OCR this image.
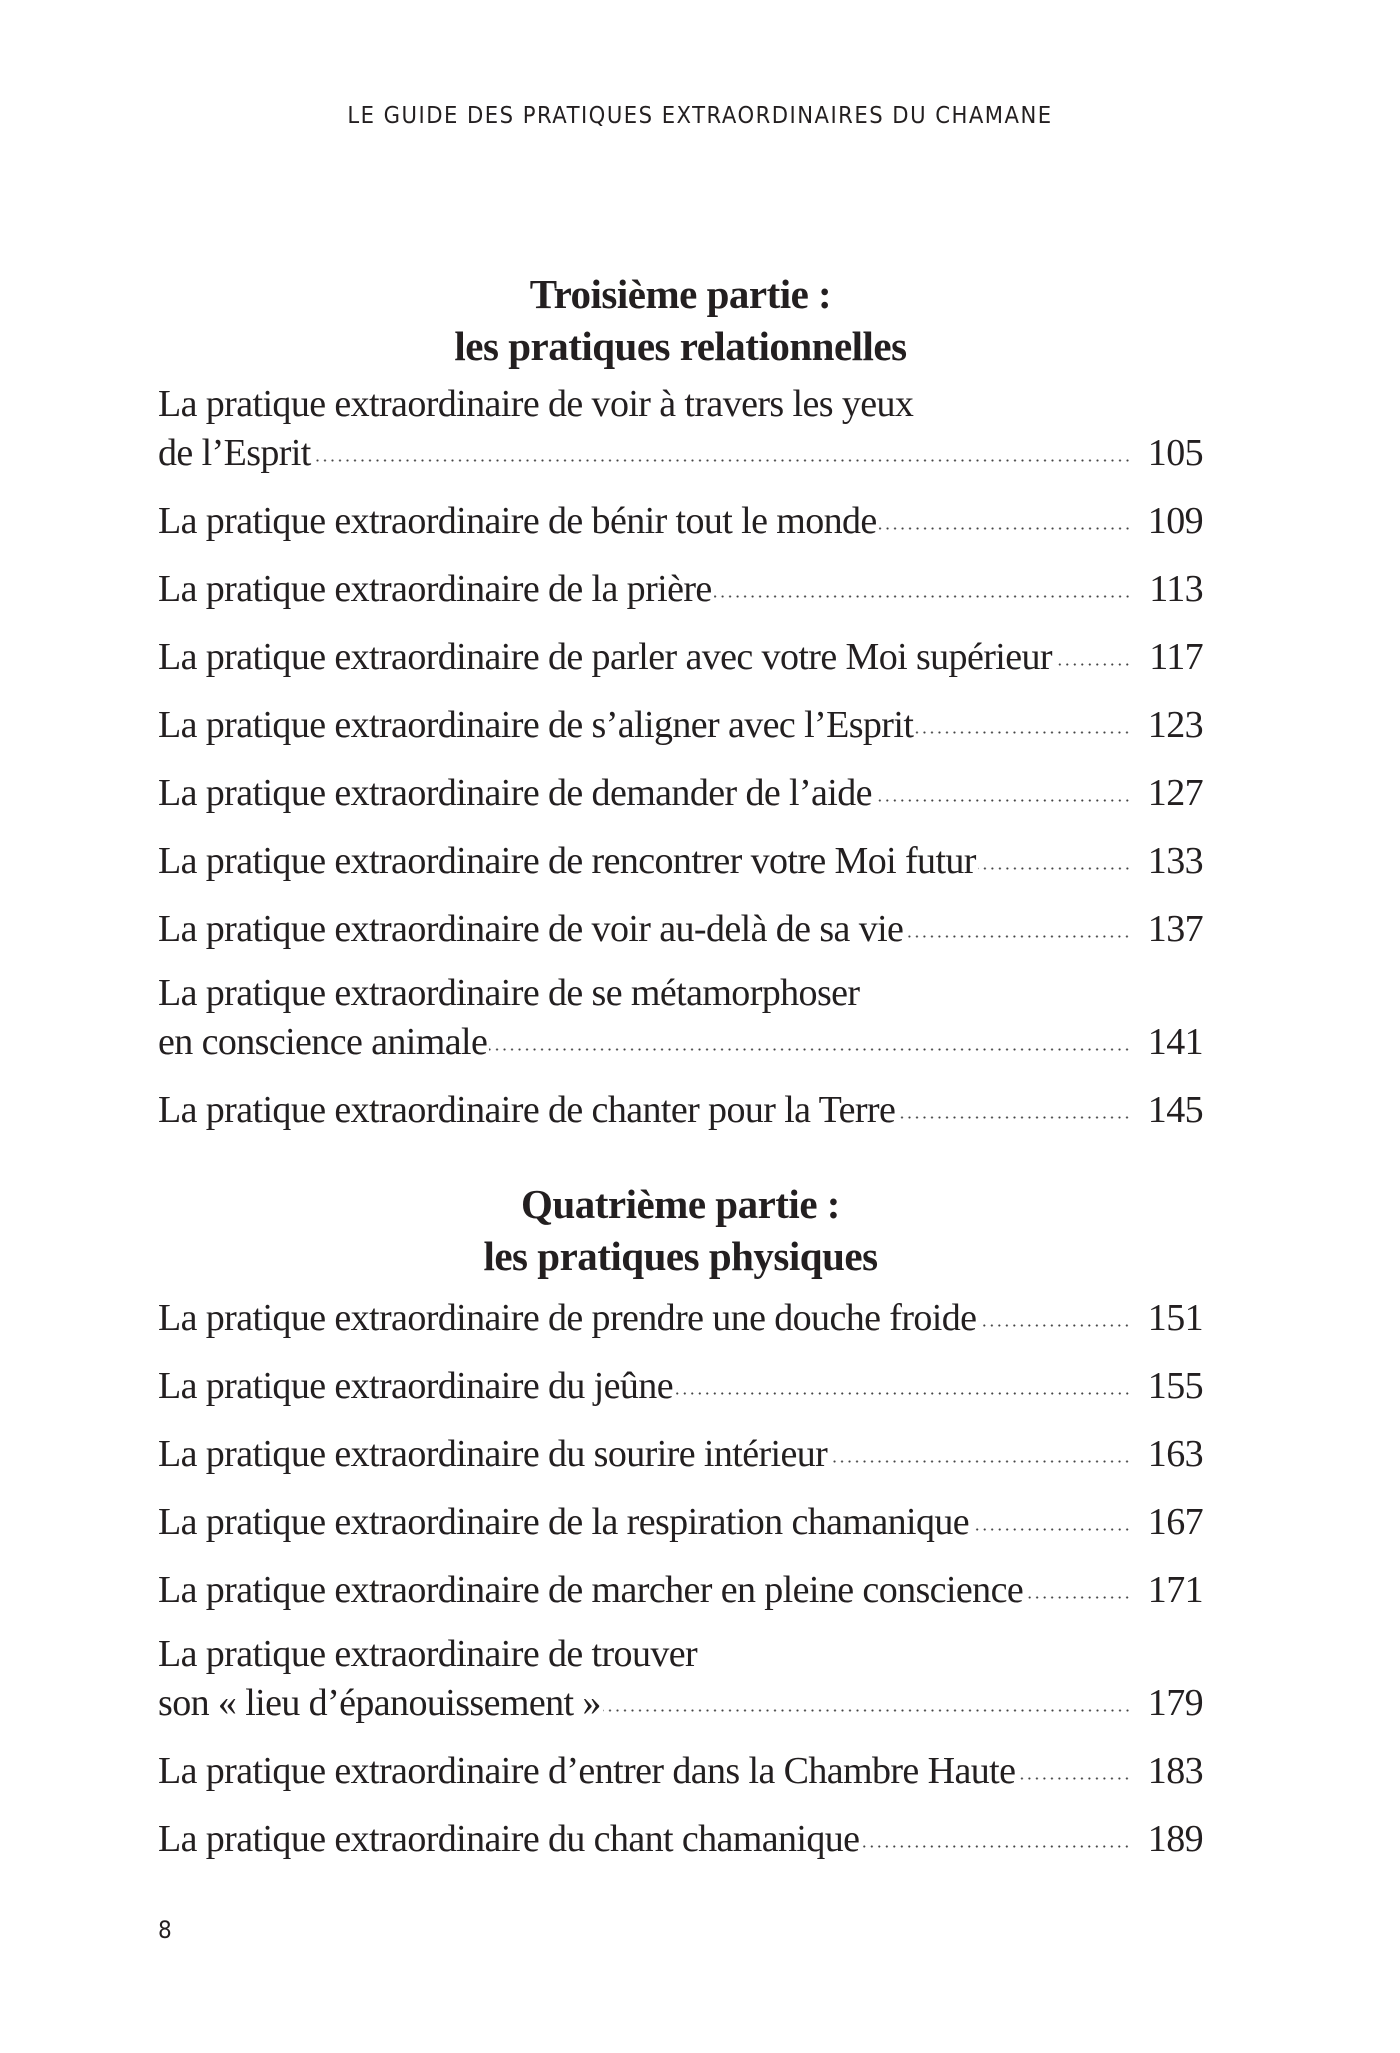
LE GUIDE DES PRATIQUES EXTRAORDINAIRES DU CHAMANE
Troisième partie :
les pratiques relationnelles
La pratique extraordinaire de voir à travers les yeux
de l’Esprit	105
La pratique extraordinaire de bénir tout le monde	109
La pratique extraordinaire de la prière	113
La pratique extraordinaire de parler avec votre Moi supérieur	117
La pratique extraordinaire de s’aligner avec l’Esprit	123
La pratique extraordinaire de demander de l’aide	127
La pratique extraordinaire de rencontrer votre Moi futur	133
La pratique extraordinaire de voir au-delà de sa vie	137
La pratique extraordinaire de se métamorphoser
en conscience animale	141
La pratique extraordinaire de chanter pour la Terre	145
Quatrième partie :
les pratiques physiques
La pratique extraordinaire de prendre une douche froide	151
La pratique extraordinaire du jeûne	155
La pratique extraordinaire du sourire intérieur	163
La pratique extraordinaire de la respiration chamanique	167
La pratique extraordinaire de marcher en pleine conscience	171
La pratique extraordinaire de trouver
son « lieu d’épanouissement »	179
La pratique extraordinaire d’entrer dans la Chambre Haute	183
La pratique extraordinaire du chant chamanique	189
8
